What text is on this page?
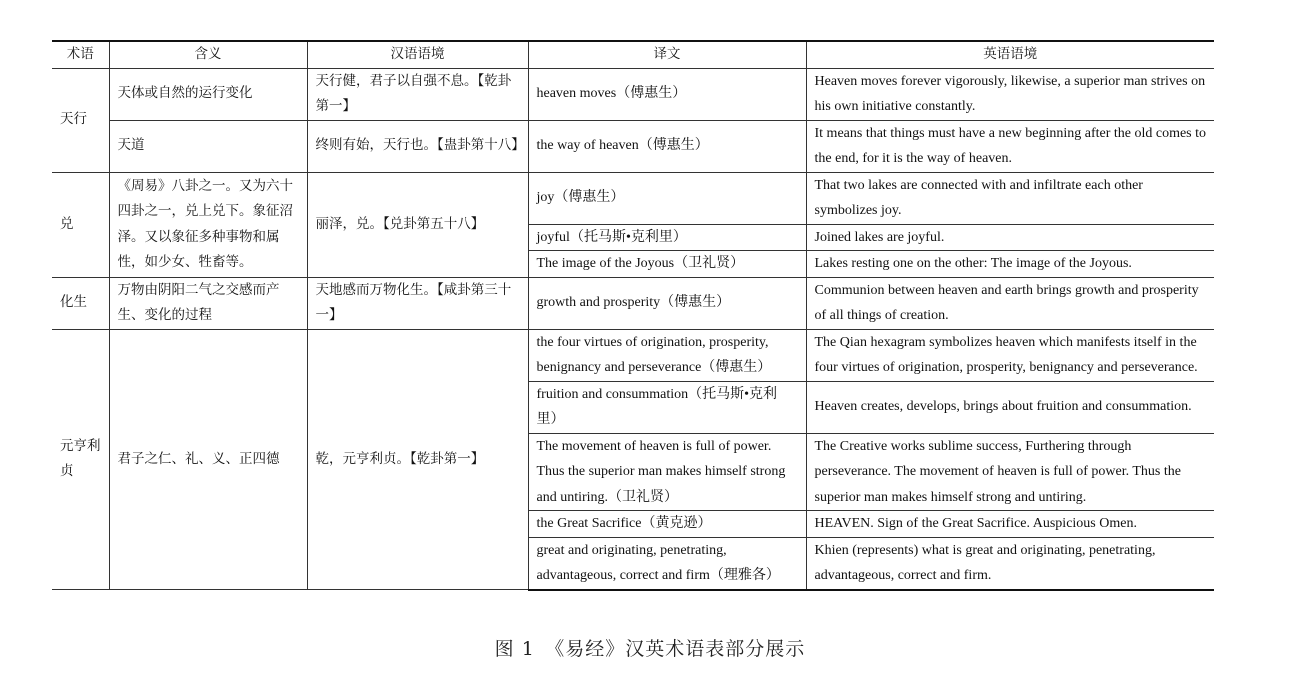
术语	含义	汉语语境	译文	英语语境
天行	天体或自然的运行变化	天行健，君子以自强不息。【乾卦第一】	heaven moves（傅惠生）	Heaven moves forever vigorously, likewise, a superior man strives on his own initiative constantly.
	天道	终则有始，天行也。【蛊卦第十八】	the way of heaven（傅惠生）	It means that things must have a new beginning after the old comes to the end, for it is the way of heaven.
兑	《周易》八卦之一。又为六十四卦之一，兑上兑下。象征沼泽。又以象征多种事物和属性，如少女、牲畜等。	丽泽，兑。【兑卦第五十八】	joy（傅惠生）	That two lakes are connected with and infiltrate each other symbolizes joy.
			joyful（托马斯•克利里）	Joined lakes are joyful.
			The image of the Joyous（卫礼贤）	Lakes resting one on the other: The image of the Joyous.
化生	万物由阴阳二气之交感而产生、变化的过程	天地感而万物化生。【咸卦第三十一】	growth and prosperity（傅惠生）	Communion between heaven and earth brings growth and prosperity of all things of creation.
元亨利贞	君子之仁、礼、义、正四德	乾，元亨利贞。【乾卦第一】	the four virtues of origination, prosperity, benignancy and perseverance（傅惠生）	The Qian hexagram symbolizes heaven which manifests itself in the four virtues of origination, prosperity, benignancy and perseverance.
			fruition and consummation（托马斯•克利里）	Heaven creates, develops, brings about fruition and consummation.
			The movement of heaven is full of power. Thus the superior man makes himself strong and untiring.（卫礼贤）	The Creative works sublime success, Furthering through perseverance. The movement of heaven is full of power. Thus the superior man makes himself strong and untiring.
			the Great Sacrifice（黄克逊）	HEAVEN. Sign of the Great Sacrifice. Auspicious Omen.
			great and originating, penetrating, advantageous, correct and firm（理雅各）	Khien (represents) what is great and originating, penetrating, advantageous, correct and firm.
图 1　《易经》汉英术语表部分展示
